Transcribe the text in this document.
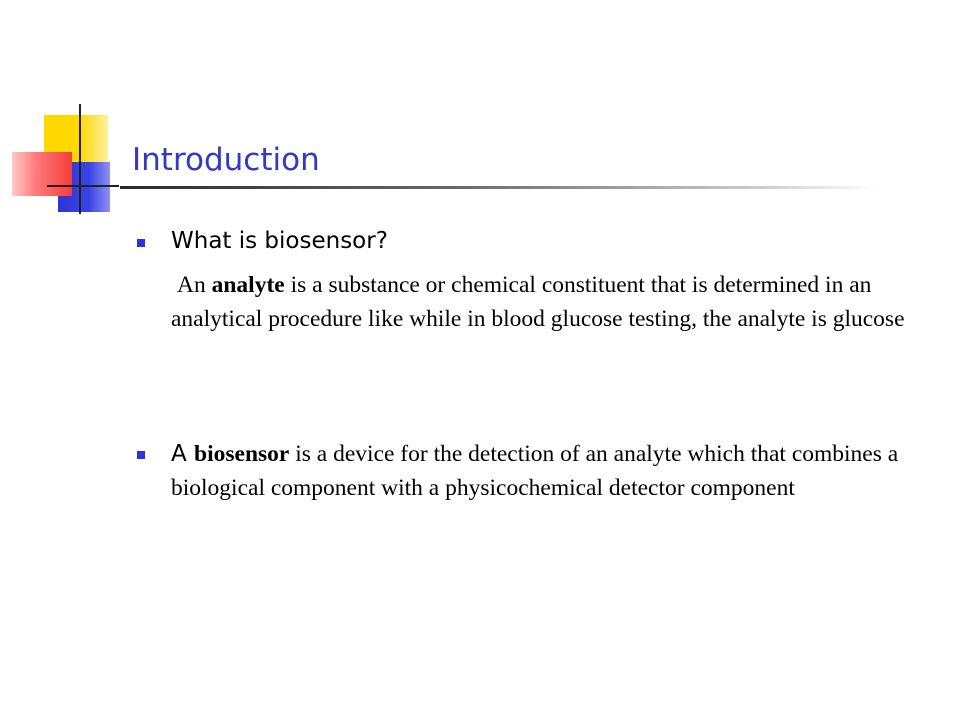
Introduction

What is biosensor?

An analyte is a substance or chemical constituent that is determined in an analytical procedure like while in blood glucose testing, the analyte is glucose

A biosensor is a device for the detection of an analyte which that combines a biological component with a physicochemical detector component
